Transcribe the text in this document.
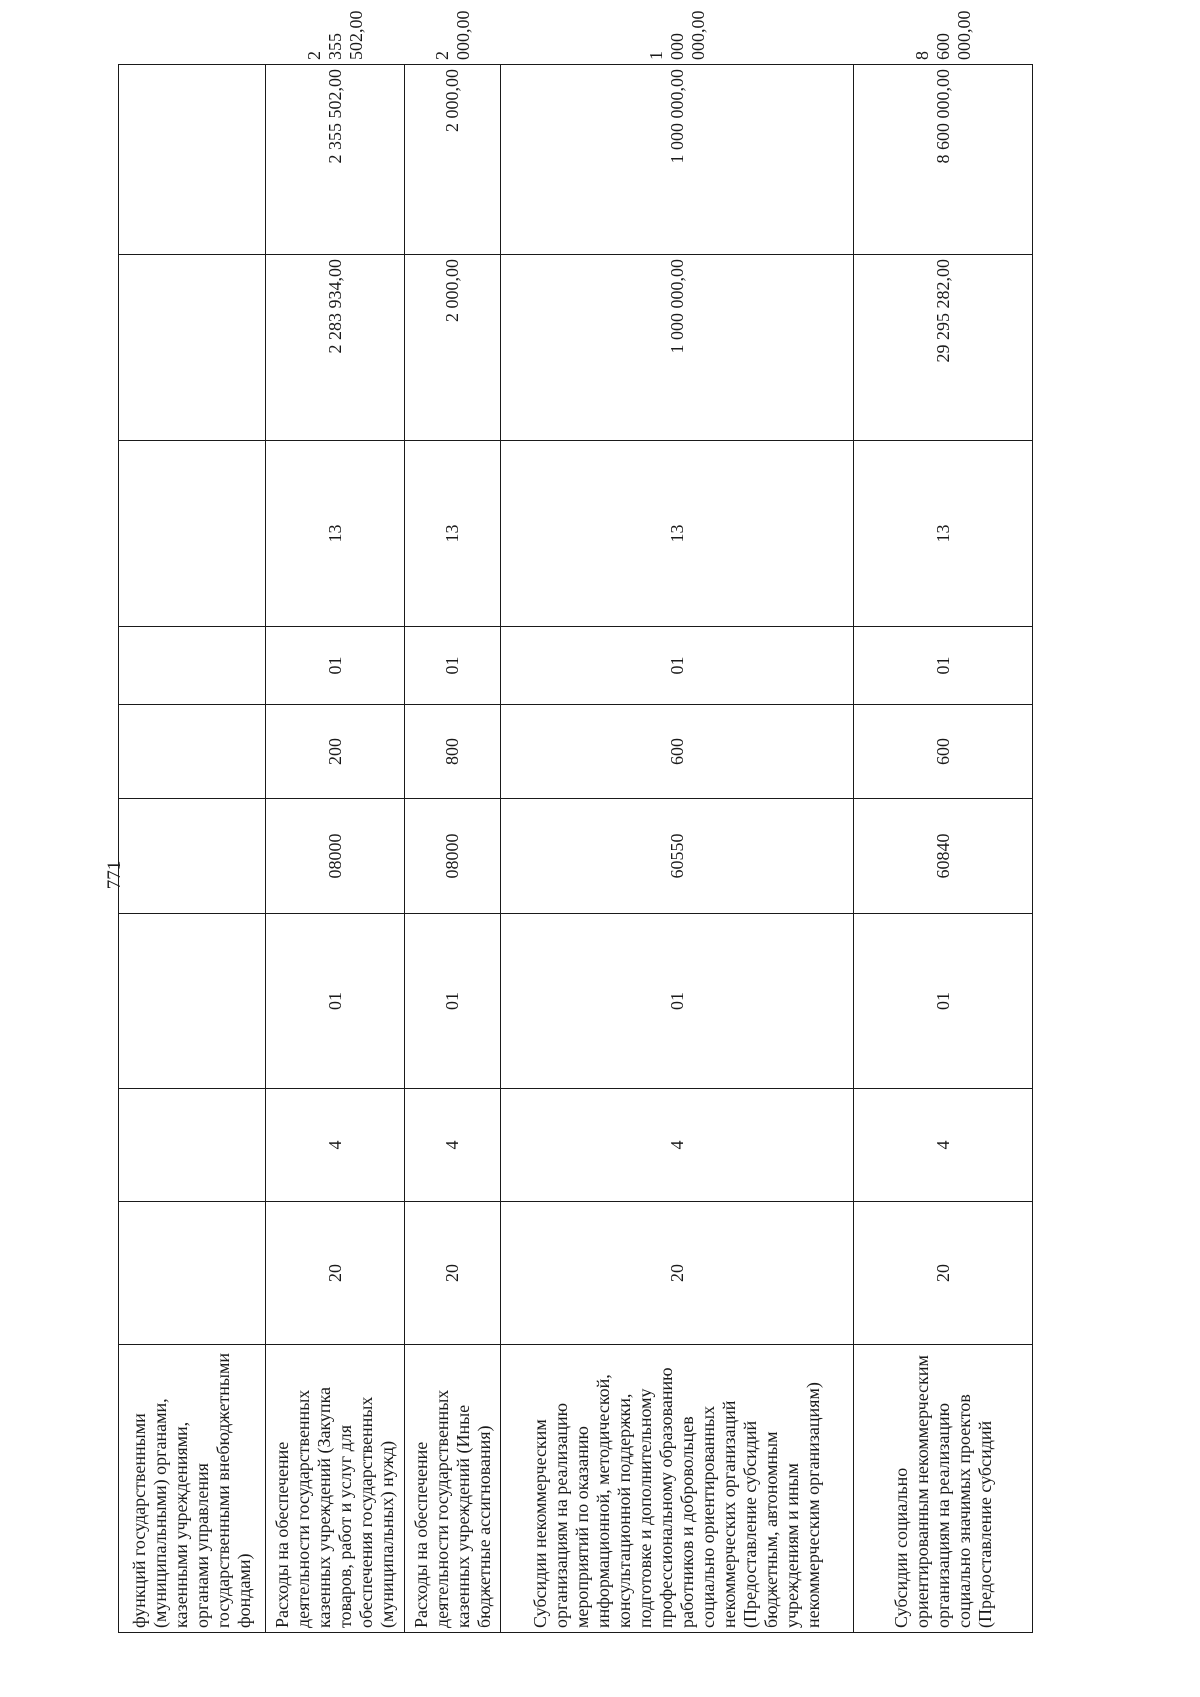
771
функций государственными (муниципальными) органами, казенными учреждениями, органами управления государственными внебюджетными фондами)										
Расходы на обеспечение деятельности государственных казенных учреждений (Закупка товаров, работ и услуг для обеспечения государственных (муниципальных) нужд)	20	4	01	08000	200	01	13	2 283 934,00	2 355 502,00	2 355 502,00
Расходы на обеспечение деятельности государственных казенных учреждений (Иные бюджетные ассигнования)	20	4	01	08000	800	01	13	2 000,00	2 000,00	2 000,00
Субсидии некоммерческим организациям на реализацию мероприятий по оказанию информационной, методической, консультационной поддержки, подготовке и дополнительному профессиональному образованию работников и добровольцев социально ориентированных некоммерческих организаций (Предоставление субсидий бюджетным, автономным учреждениям и иным некоммерческим организациям)	20	4	01	60550	600	01	13	1 000 000,00	1 000 000,00	1 000 000,00
Субсидии социально ориентированным некоммерческим организациям на реализацию социально значимых проектов (Предоставление субсидий	20	4	01	60840	600	01	13	29 295 282,00	8 600 000,00	8 600 000,00
